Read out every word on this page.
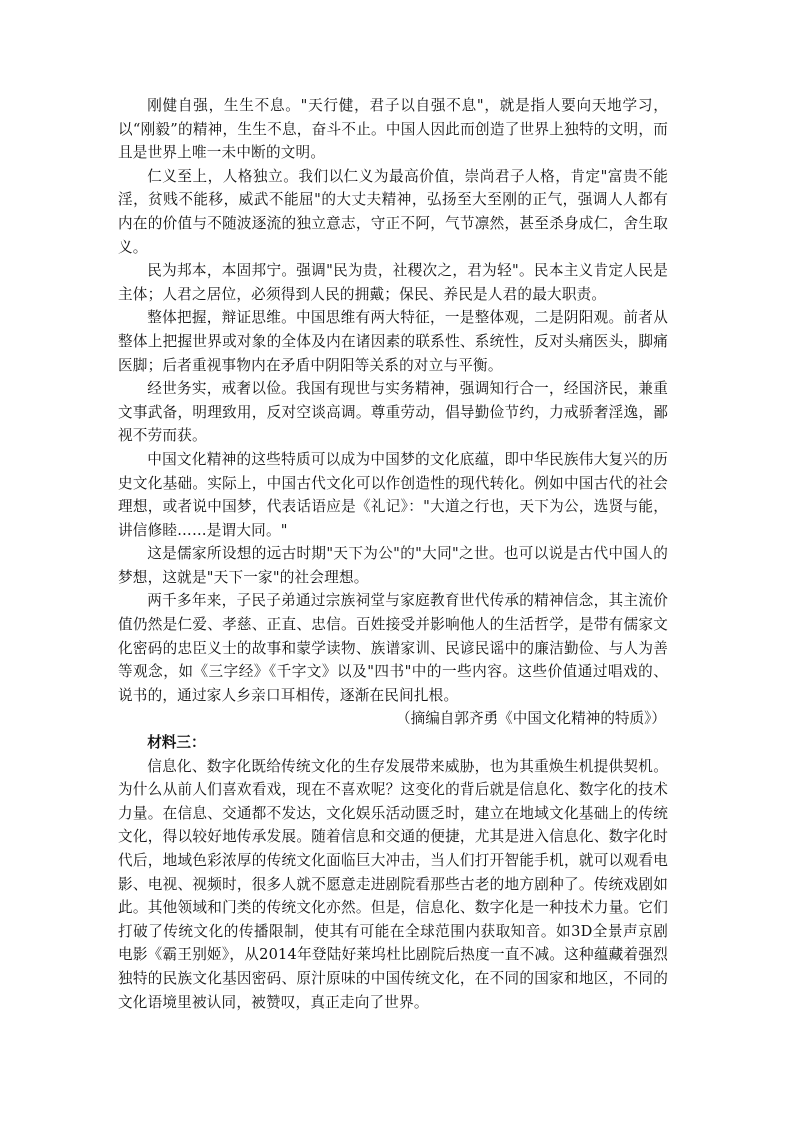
刚健自强，生生不息。"天行健，君子以自强不息"，就是指人要向天地学习，以“刚毅”的精神，生生不息，奋斗不止。中国人因此而创造了世界上独特的文明，而且是世界上唯一未中断的文明。

仁义至上，人格独立。我们以仁义为最高价值，崇尚君子人格，肯定"富贵不能淫，贫贱不能移，威武不能屈"的大丈夫精神，弘扬至大至刚的正气，强调人人都有内在的价值与不随波逐流的独立意志，守正不阿，气节凛然，甚至杀身成仁，舍生取义。

民为邦本，本固邦宁。强调"民为贵，社稷次之，君为轻"。民本主义肯定人民是主体；人君之居位，必须得到人民的拥戴；保民、养民是人君的最大职责。

整体把握，辩证思维。中国思维有两大特征，一是整体观，二是阴阳观。前者从整体上把握世界或对象的全体及内在诸因素的联系性、系统性，反对头痛医头，脚痛医脚；后者重视事物内在矛盾中阴阳等关系的对立与平衡。

经世务实，戒奢以俭。我国有现世与实务精神，强调知行合一，经国济民，兼重文事武备，明理致用，反对空谈高调。尊重劳动，倡导勤俭节约，力戒骄奢淫逸，鄙视不劳而获。

中国文化精神的这些特质可以成为中国梦的文化底蕴，即中华民族伟大复兴的历史文化基础。实际上，中国古代文化可以作创造性的现代转化。例如中国古代的社会理想，或者说中国梦，代表话语应是《礼记》："大道之行也，天下为公，选贤与能，讲信修睦……是谓大同。"

这是儒家所设想的远古时期"天下为公"的"大同"之世。也可以说是古代中国人的梦想，这就是"天下一家"的社会理想。

两千多年来，子民子弟通过宗族祠堂与家庭教育世代传承的精神信念，其主流价值仍然是仁爱、孝慈、正直、忠信。百姓接受并影响他人的生活哲学，是带有儒家文化密码的忠臣义士的故事和蒙学读物、族谱家训、民谚民谣中的廉洁勤俭、与人为善等观念，如《三字经》《千字文》以及"四书"中的一些内容。这些价值通过唱戏的、说书的，通过家人乡亲口耳相传，逐渐在民间扎根。

（摘编自郭齐勇《中国文化精神的特质》）

材料三：

信息化、数字化既给传统文化的生存发展带来威胁，也为其重焕生机提供契机。为什么从前人们喜欢看戏，现在不喜欢呢？这变化的背后就是信息化、数字化的技术力量。在信息、交通都不发达，文化娱乐活动匮乏时，建立在地域文化基础上的传统文化，得以较好地传承发展。随着信息和交通的便捷，尤其是进入信息化、数字化时代后，地域色彩浓厚的传统文化面临巨大冲击，当人们打开智能手机，就可以观看电影、电视、视频时，很多人就不愿意走进剧院看那些古老的地方剧种了。传统戏剧如此。其他领域和门类的传统文化亦然。但是，信息化、数字化是一种技术力量。它们打破了传统文化的传播限制，使其有可能在全球范围内获取知音。如3D全景声京剧电影《霸王别姬》，从2014年登陆好莱坞杜比剧院后热度一直不减。这种蕴藏着强烈独特的民族文化基因密码、原汁原味的中国传统文化，在不同的国家和地区，不同的文化语境里被认同，被赞叹，真正走向了世界。
